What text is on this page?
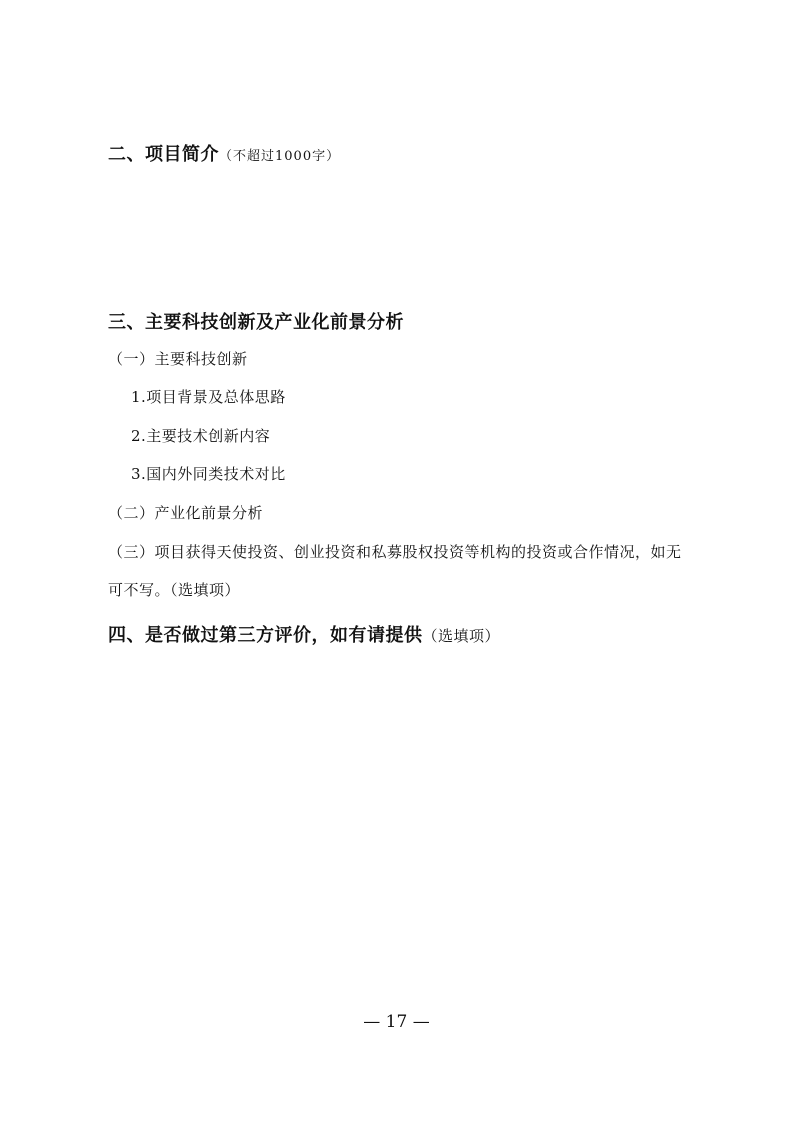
二、项目简介（不超过1000字）
三、主要科技创新及产业化前景分析
（一）主要科技创新
1.项目背景及总体思路
2.主要技术创新内容
3.国内外同类技术对比
（二）产业化前景分析
（三）项目获得天使投资、创业投资和私募股权投资等机构的投资或合作情况，如无
可不写。（选填项）
四、是否做过第三方评价，如有请提供（选填项）
— 17 —
